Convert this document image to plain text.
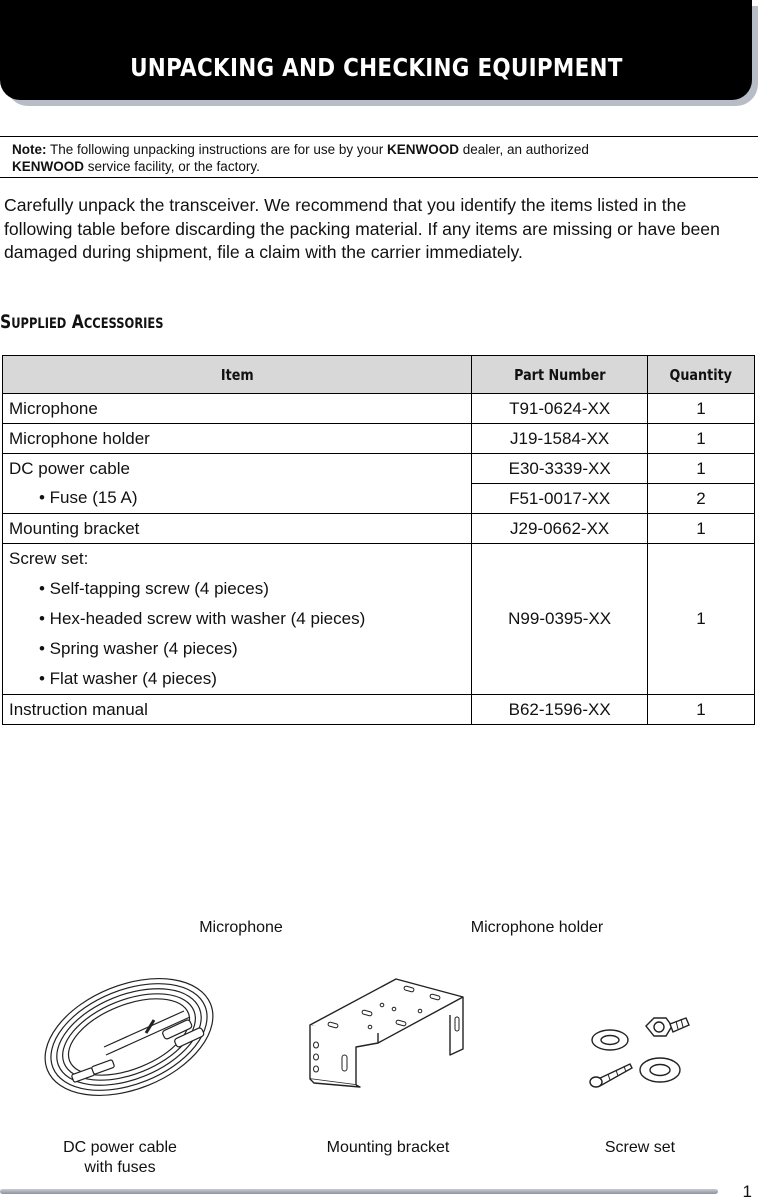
UNPACKING AND CHECKING EQUIPMENT
Note: The following unpacking instructions are for use by your KENWOOD dealer, an authorized
KENWOOD service facility, or the factory.
Carefully unpack the transceiver. We recommend that you identify the items listed in the following table before discarding the packing material. If any items are missing or have been damaged during shipment, file a claim with the carrier immediately.
SUPPLIED ACCESSORIES
Item	Part Number	Quantity
Microphone	T91-0624-XX	1
Microphone holder	J19-1584-XX	1
DC power cable	E30-3339-XX	1

• Fuse (15 A)	F51-0017-XX	2
Mounting bracket	J29-0662-XX	1
Screw set:
• Self-tapping screw (4 pieces)
• Hex-headed screw with washer (4 pieces)
• Spring washer (4 pieces)
• Flat washer (4 pieces)	N99-0395-XX	1
Instruction manual	B62-1596-XX	1
Microphone	Microphone holder
DC power cable
with fuses
Mounting bracket	Screw set
1
